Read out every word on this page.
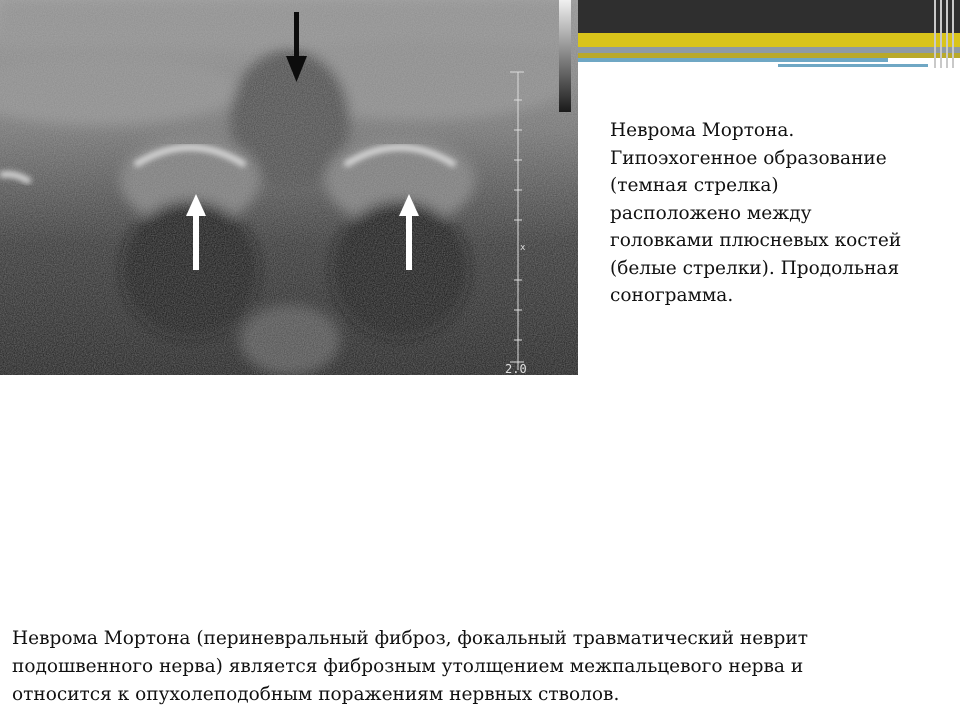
x
2.0
Неврома Мортона.
Гипоэхогенное образование
(темная стрелка)
расположено между
головками плюсневых костей
(белые стрелки). Продольная
сонограмма.
Неврома Мортона (периневральный фиброз, фокальный травматический неврит
подошвенного нерва) является фиброзным утолщением межпальцевого нерва и
относится к опухолеподобным поражениям нервных стволов.
